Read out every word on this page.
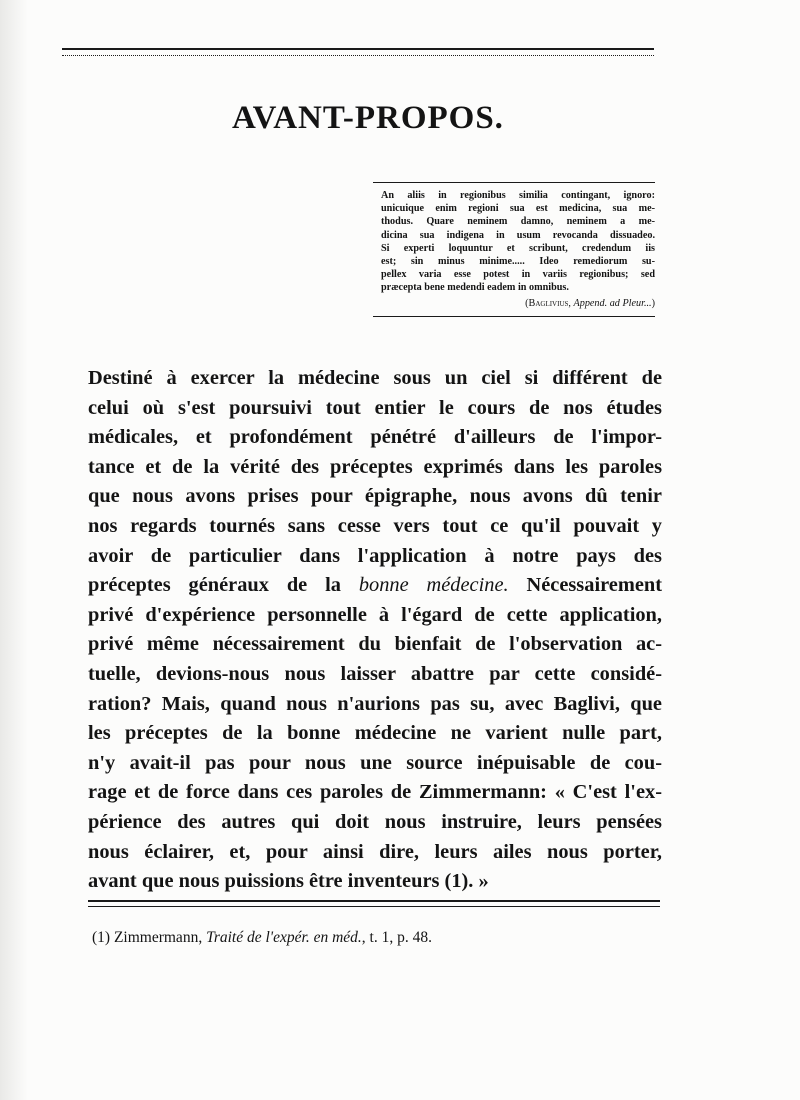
AVANT-PROPOS.
An aliis in regionibus similia contingant, ignoro:
unicuique enim regioni sua est medicina, sua me-
thodus. Quare neminem damno, neminem a me-
dicina sua indigena in usum revocanda dissuadeo.
Si experti loquuntur et scribunt, credendum iis
est; sin minus minime..... Ideo remediorum su-
pellex varia esse potest in variis regionibus; sed
præcepta bene medendi eadem in omnibus.
(Baglivius, Append. ad Pleur...)
Destiné à exercer la médecine sous un ciel si différent de
celui où s'est poursuivi tout entier le cours de nos études
médicales, et profondément pénétré d'ailleurs de l'impor-
tance et de la vérité des préceptes exprimés dans les paroles
que nous avons prises pour épigraphe, nous avons dû tenir
nos regards tournés sans cesse vers tout ce qu'il pouvait y
avoir de particulier dans l'application à notre pays des
préceptes généraux de la bonne médecine. Nécessairement
privé d'expérience personnelle à l'égard de cette application,
privé même nécessairement du bienfait de l'observation ac-
tuelle, devions-nous nous laisser abattre par cette considé-
ration? Mais, quand nous n'aurions pas su, avec Baglivi, que
les préceptes de la bonne médecine ne varient nulle part,
n'y avait-il pas pour nous une source inépuisable de cou-
rage et de force dans ces paroles de Zimmermann: « C'est l'ex-
périence des autres qui doit nous instruire, leurs pensées
nous éclairer, et, pour ainsi dire, leurs ailes nous porter,
avant que nous puissions être inventeurs (1). »
(1) Zimmermann, Traité de l'expér. en méd., t. 1, p. 48.
